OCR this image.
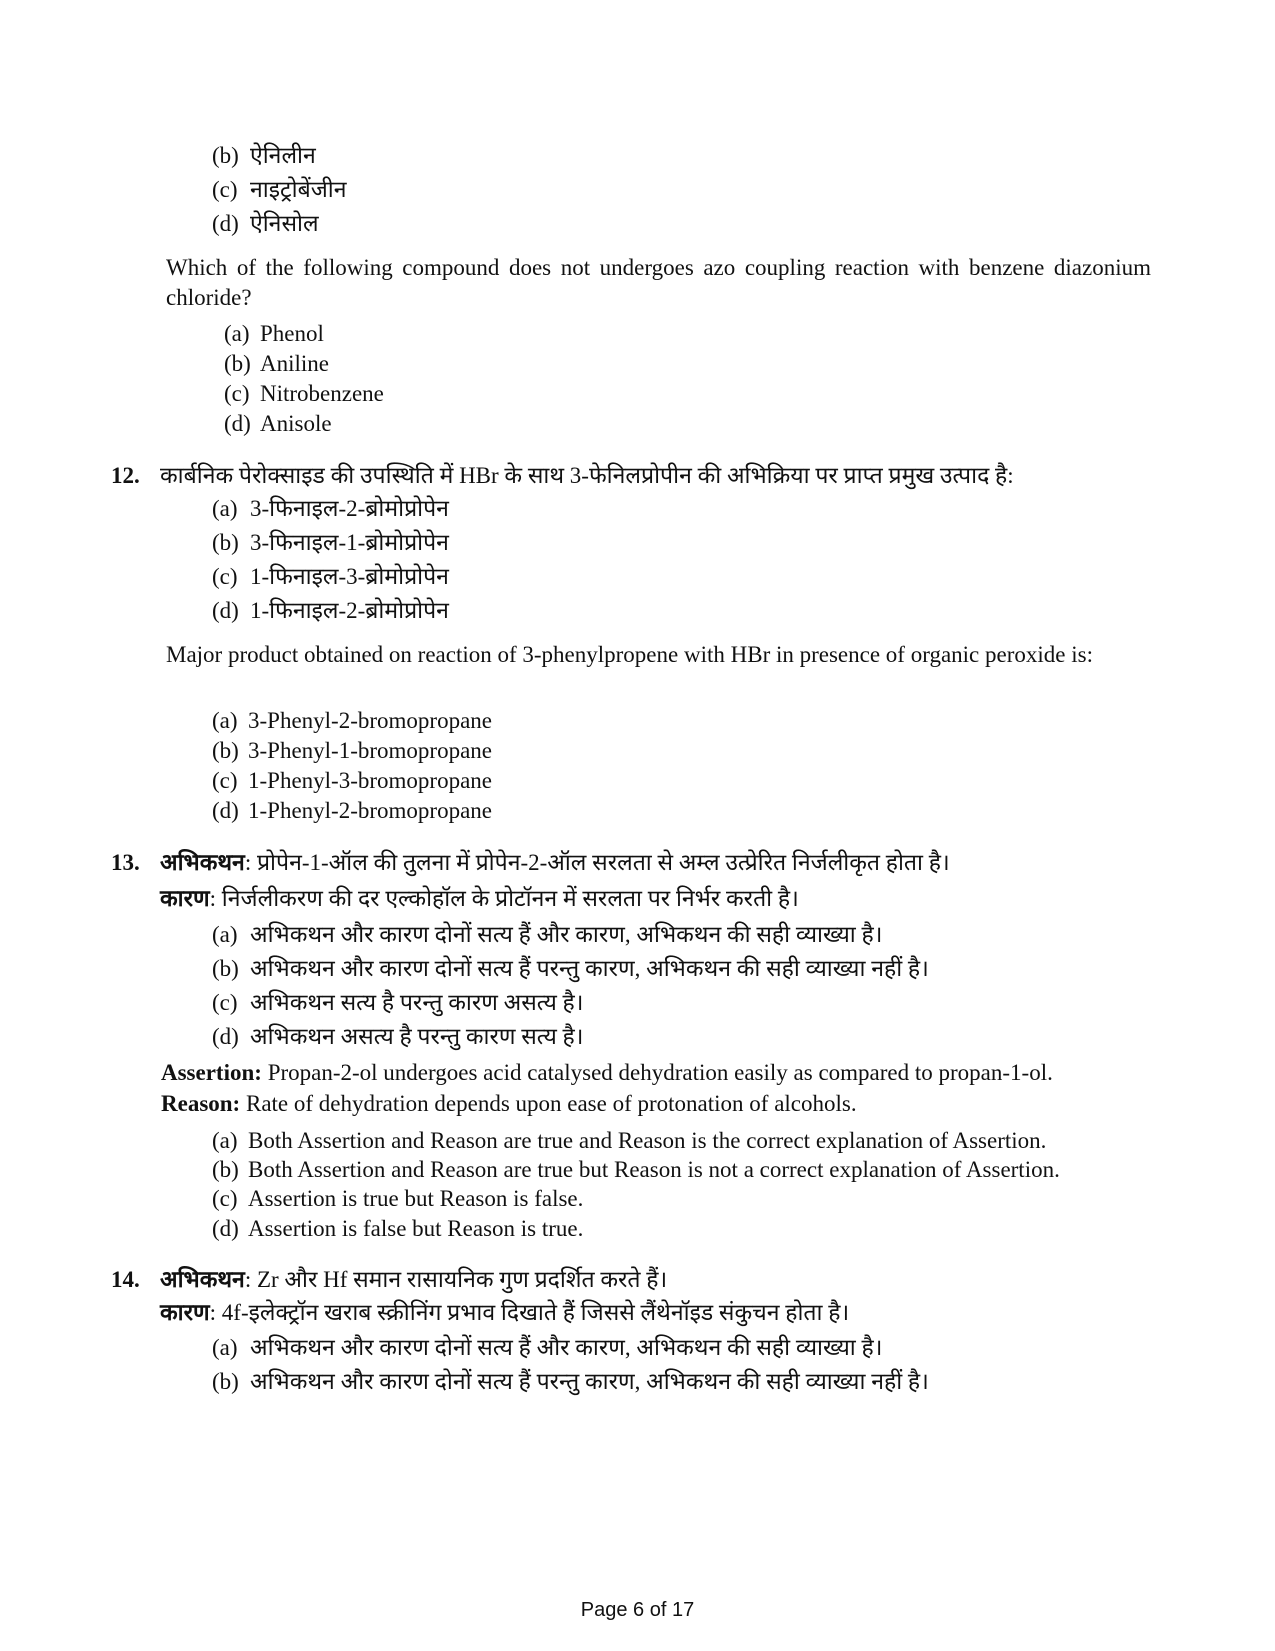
(b) ऐनिलीन
(c) नाइट्रोबेंजीन
(d) ऐनिसोल
Which of the following compound does not undergoes azo coupling reaction with benzene diazonium chloride?
(a) Phenol
(b) Aniline
(c) Nitrobenzene
(d) Anisole
12. कार्बनिक पेरोक्साइड की उपस्थिति में HBr के साथ 3-फेनिलप्रोपीन की अभिक्रिया पर प्राप्त प्रमुख उत्पाद है:
(a) 3-फिनाइल-2-ब्रोमोप्रोपेन
(b) 3-फिनाइल-1-ब्रोमोप्रोपेन
(c) 1-फिनाइल-3-ब्रोमोप्रोपेन
(d) 1-फिनाइल-2-ब्रोमोप्रोपेन
Major product obtained on reaction of 3-phenylpropene with HBr in presence of organic peroxide is:
(a) 3-Phenyl-2-bromopropane
(b) 3-Phenyl-1-bromopropane
(c) 1-Phenyl-3-bromopropane
(d) 1-Phenyl-2-bromopropane
13. अभिकथन: प्रोपेन-1-ऑल की तुलना में प्रोपेन-2-ऑल सरलता से अम्ल उत्प्रेरित निर्जलीकृत होता है।
कारण: निर्जलीकरण की दर एल्कोहॉल के प्रोटॉनन में सरलता पर निर्भर करती है।
(a) अभिकथन और कारण दोनों सत्य हैं और कारण, अभिकथन की सही व्याख्या है।
(b) अभिकथन और कारण दोनों सत्य हैं परन्तु कारण, अभिकथन की सही व्याख्या नहीं है।
(c) अभिकथन सत्य है परन्तु कारण असत्य है।
(d) अभिकथन असत्य है परन्तु कारण सत्य है।
Assertion: Propan-2-ol undergoes acid catalysed dehydration easily as compared to propan-1-ol.
Reason: Rate of dehydration depends upon ease of protonation of alcohols.
(a) Both Assertion and Reason are true and Reason is the correct explanation of Assertion.
(b) Both Assertion and Reason are true but Reason is not a correct explanation of Assertion.
(c) Assertion is true but Reason is false.
(d) Assertion is false but Reason is true.
14. अभिकथन: Zr और Hf समान रासायनिक गुण प्रदर्शित करते हैं।
कारण: 4f-इलेक्ट्रॉन खराब स्क्रीनिंग प्रभाव दिखाते हैं जिससे लैंथेनॉइड संकुचन होता है।
(a) अभिकथन और कारण दोनों सत्य हैं और कारण, अभिकथन की सही व्याख्या है।
(b) अभिकथन और कारण दोनों सत्य हैं परन्तु कारण, अभिकथन की सही व्याख्या नहीं है।
Page 6 of 17
